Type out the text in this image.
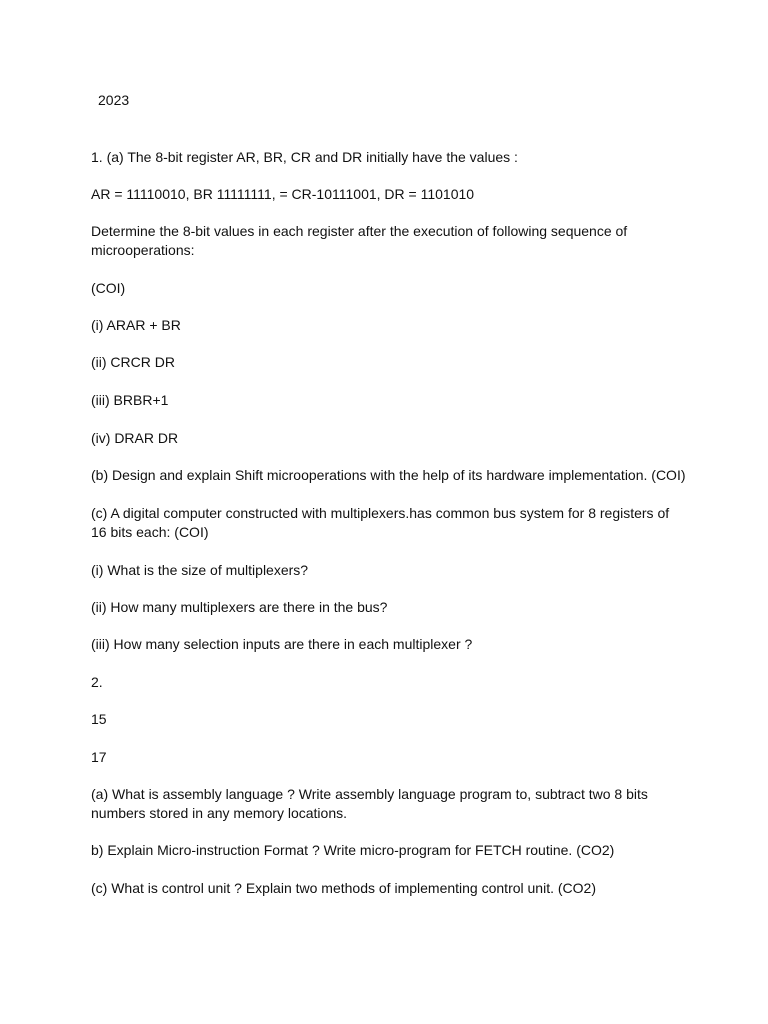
2023

1. (a) The 8-bit register AR, BR, CR and DR initially have the values :

AR = 11110010, BR 11111111, = CR-10111001, DR = 1101010

Determine the 8-bit values in each register after the execution of following sequence of microoperations:

(COI)

(i) ARAR + BR

(ii) CRCR DR

(iii) BRBR+1

(iv) DRAR DR

(b) Design and explain Shift microoperations with the help of its hardware implementation. (COI)

(c) A digital computer constructed with multiplexers.has common bus system for 8 registers of 16 bits each: (COI)

(i) What is the size of multiplexers?

(ii) How many multiplexers are there in the bus?

(iii) How many selection inputs are there in each multiplexer ?

2.

15

17

(a) What is assembly language ? Write assembly language program to, subtract two 8 bits numbers stored in any memory locations.

b) Explain Micro-instruction Format ? Write micro-program for FETCH routine. (CO2)

(c) What is control unit ? Explain two methods of implementing control unit. (CO2)
